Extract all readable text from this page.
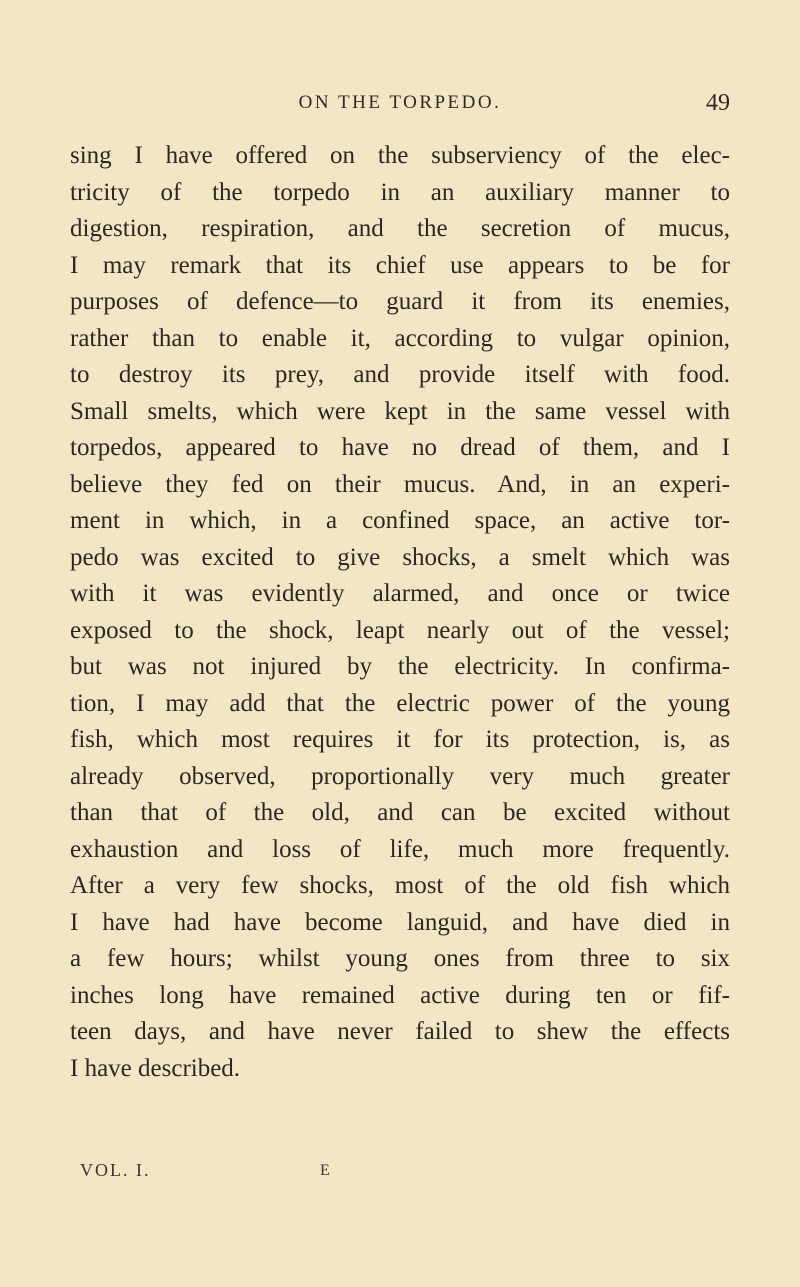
ON THE TORPEDO.	49
sing I have offered on the subserviency of the elec-
tricity of the torpedo in an auxiliary manner to
digestion, respiration, and the secretion of mucus,
I may remark that its chief use appears to be for
purposes of defence—to guard it from its enemies,
rather than to enable it, according to vulgar opinion,
to destroy its prey, and provide itself with food.
Small smelts, which were kept in the same vessel with
torpedos, appeared to have no dread of them, and I
believe they fed on their mucus. And, in an experi-
ment in which, in a confined space, an active tor-
pedo was excited to give shocks, a smelt which was
with it was evidently alarmed, and once or twice
exposed to the shock, leapt nearly out of the vessel;
but was not injured by the electricity. In confirma-
tion, I may add that the electric power of the young
fish, which most requires it for its protection, is, as
already observed, proportionally very much greater
than that of the old, and can be excited without
exhaustion and loss of life, much more frequently.
After a very few shocks, most of the old fish which
I have had have become languid, and have died in
a few hours; whilst young ones from three to six
inches long have remained active during ten or fif-
teen days, and have never failed to shew the effects
I have described.
VOL. I.	E
